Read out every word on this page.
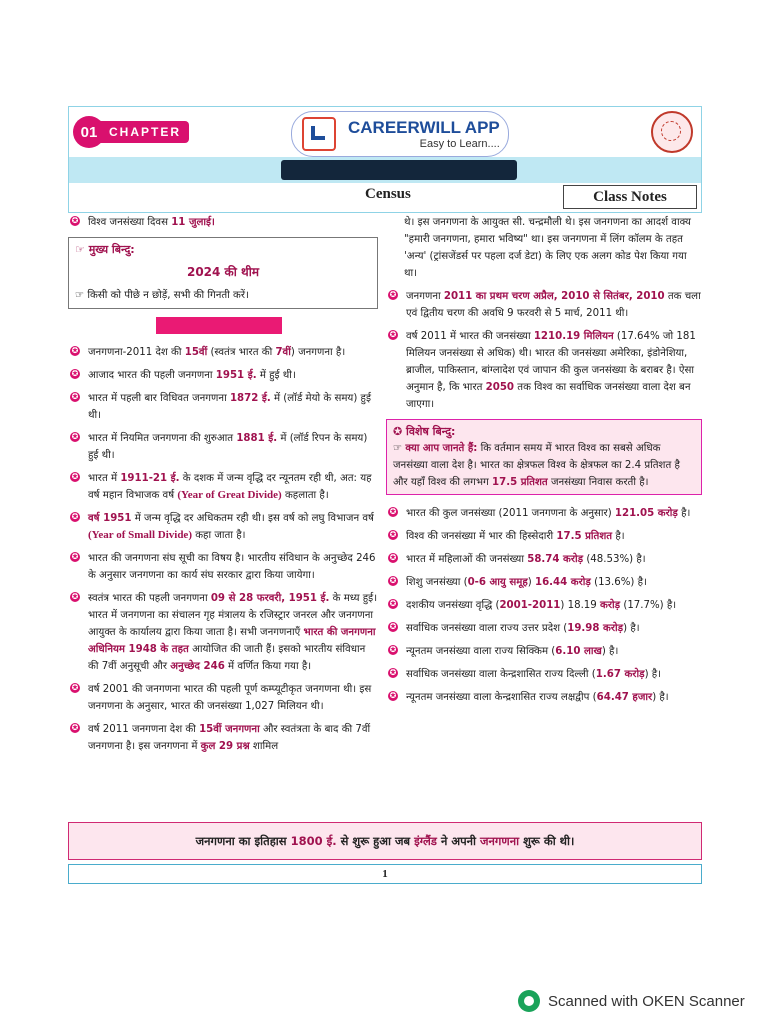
01 CHAPTER	CAREERWILL APP
Easy to Learn....
Census	Class Notes
✪ विश्व जनसंख्या दिवस 11 जुलाई।
☞ मुख्य बिन्दु:
2024 की थीम
☞ किसी को पीछे न छोड़ें, सभी की गिनती करें।
✪ जनगणना-2011 देश की 15वीं (स्वतंत्र भारत की 7वीं) जनगणना है।
✪ आजाद भारत की पहली जनगणना 1951 ई. में हुई थी।
✪ भारत में पहली बार विधिवत जनगणना 1872 ई. में (लॉर्ड मेयो के समय) हुई थी।
✪ भारत में नियमित जनगणना की शुरुआत 1881 ई. में (लॉर्ड रिपन के समय) हुई थी।
✪ भारत में 1911-21 ई. के दशक में जन्म वृद्धि दर न्यूनतम रही थी, अत: यह वर्ष महान विभाजक वर्ष (Year of Great Divide) कहलाता है।
✪ वर्ष 1951 में जन्म वृद्धि दर अधिकतम रही थी। इस वर्ष को लघु विभाजन वर्ष (Year of Small Divide) कहा जाता है।
✪ भारत की जनगणना संघ सूची का विषय है। भारतीय संविधान के अनुच्छेद 246 के अनुसार जनगणना का कार्य संघ सरकार द्वारा किया जायेगा।
✪ स्वतंत्र भारत की पहली जनगणना 09 से 28 फरवरी, 1951 ई. के मध्य हुई। भारत में जनगणना का संचालन गृह मंत्रालय के रजिस्ट्रार जनरल और जनगणना आयुक्त के कार्यालय द्वारा किया जाता है। सभी जनगणनाएँ भारत की जनगणना अधिनियम 1948 के तहत आयोजित की जाती हैं। इसको भारतीय संविधान की 7वीं अनुसूची और अनुच्छेद 246 में वर्णित किया गया है।
✪ वर्ष 2001 की जनगणना भारत की पहली पूर्ण कम्प्यूटीकृत जनगणना थी। इस जनगणना के अनुसार, भारत की जनसंख्या 1,027 मिलियन थी।
✪ वर्ष 2011 जनगणना देश की 15वीं जनगणना और स्वतंत्रता के बाद की 7वीं जनगणना है। इस जनगणना में कुल 29 प्रश्न शामिल
थे। इस जनगणना के आयुक्त सी. चन्द्रमौली थे। इस जनगणना का आदर्श वाक्य "हमारी जनगणना, हमारा भविष्य" था। इस जनगणना में लिंग कॉलम के तहत 'अन्य' (ट्रांसजेंडर्स पर पहला दर्ज डेटा) के लिए एक अलग कोड पेश किया गया था।
✪ जनगणना 2011 का प्रथम चरण अप्रैल, 2010 से सितंबर, 2010 तक चला एवं द्वितीय चरण की अवधि 9 फरवरी से 5 मार्च, 2011 थी।
✪ वर्ष 2011 में भारत की जनसंख्या 1210.19 मिलियन (17.64% जो 181 मिलियन जनसंख्या से अधिक) थी। भारत की जनसंख्या अमेरिका, इंडोनेशिया, ब्राजील, पाकिस्तान, बांग्लादेश एवं जापान की कुल जनसंख्या के बराबर है। ऐसा अनुमान है, कि भारत 2050 तक विश्व का सर्वाधिक जनसंख्या वाला देश बन जाएगा।
✪ विशेष बिन्दु:
☞ क्या आप जानते हैं: कि वर्तमान समय में भारत विश्व का सबसे अधिक जनसंख्या वाला देश है। भारत का क्षेत्रफल विश्व के क्षेत्रफल का 2.4 प्रतिशत है और यहाँ विश्व की लगभग 17.5 प्रतिशत जनसंख्या निवास करती है।
✪ भारत की कुल जनसंख्या (2011 जनगणना के अनुसार) 121.05 करोड़ है।
✪ विश्व की जनसंख्या में भार की हिस्सेदारी 17.5 प्रतिशत है।
✪ भारत में महिलाओं की जनसंख्या 58.74 करोड़ (48.53%) है।
✪ शिशु जनसंख्या (0-6 आयु समूह) 16.44 करोड़ (13.6%) है।
✪ दशकीय जनसंख्या वृद्धि (2001-2011) 18.19 करोड़ (17.7%) है।
✪ सर्वाधिक जनसंख्या वाला राज्य उत्तर प्रदेश (19.98 करोड़) है।
✪ न्यूनतम जनसंख्या वाला राज्य सिक्किम (6.10 लाख) है।
✪ सर्वाधिक जनसंख्या वाला केन्द्रशासित राज्य दिल्ली (1.67 करोड़) है।
✪ न्यूनतम जनसंख्या वाला केन्द्रशासित राज्य लक्षद्वीप (64.47 हजार) है।
जनगणना का इतिहास 1800 ई. से शुरू हुआ जब इंग्लैंड ने अपनी जनगणना शुरू की थी।
1
Scanned with OKEN Scanner
